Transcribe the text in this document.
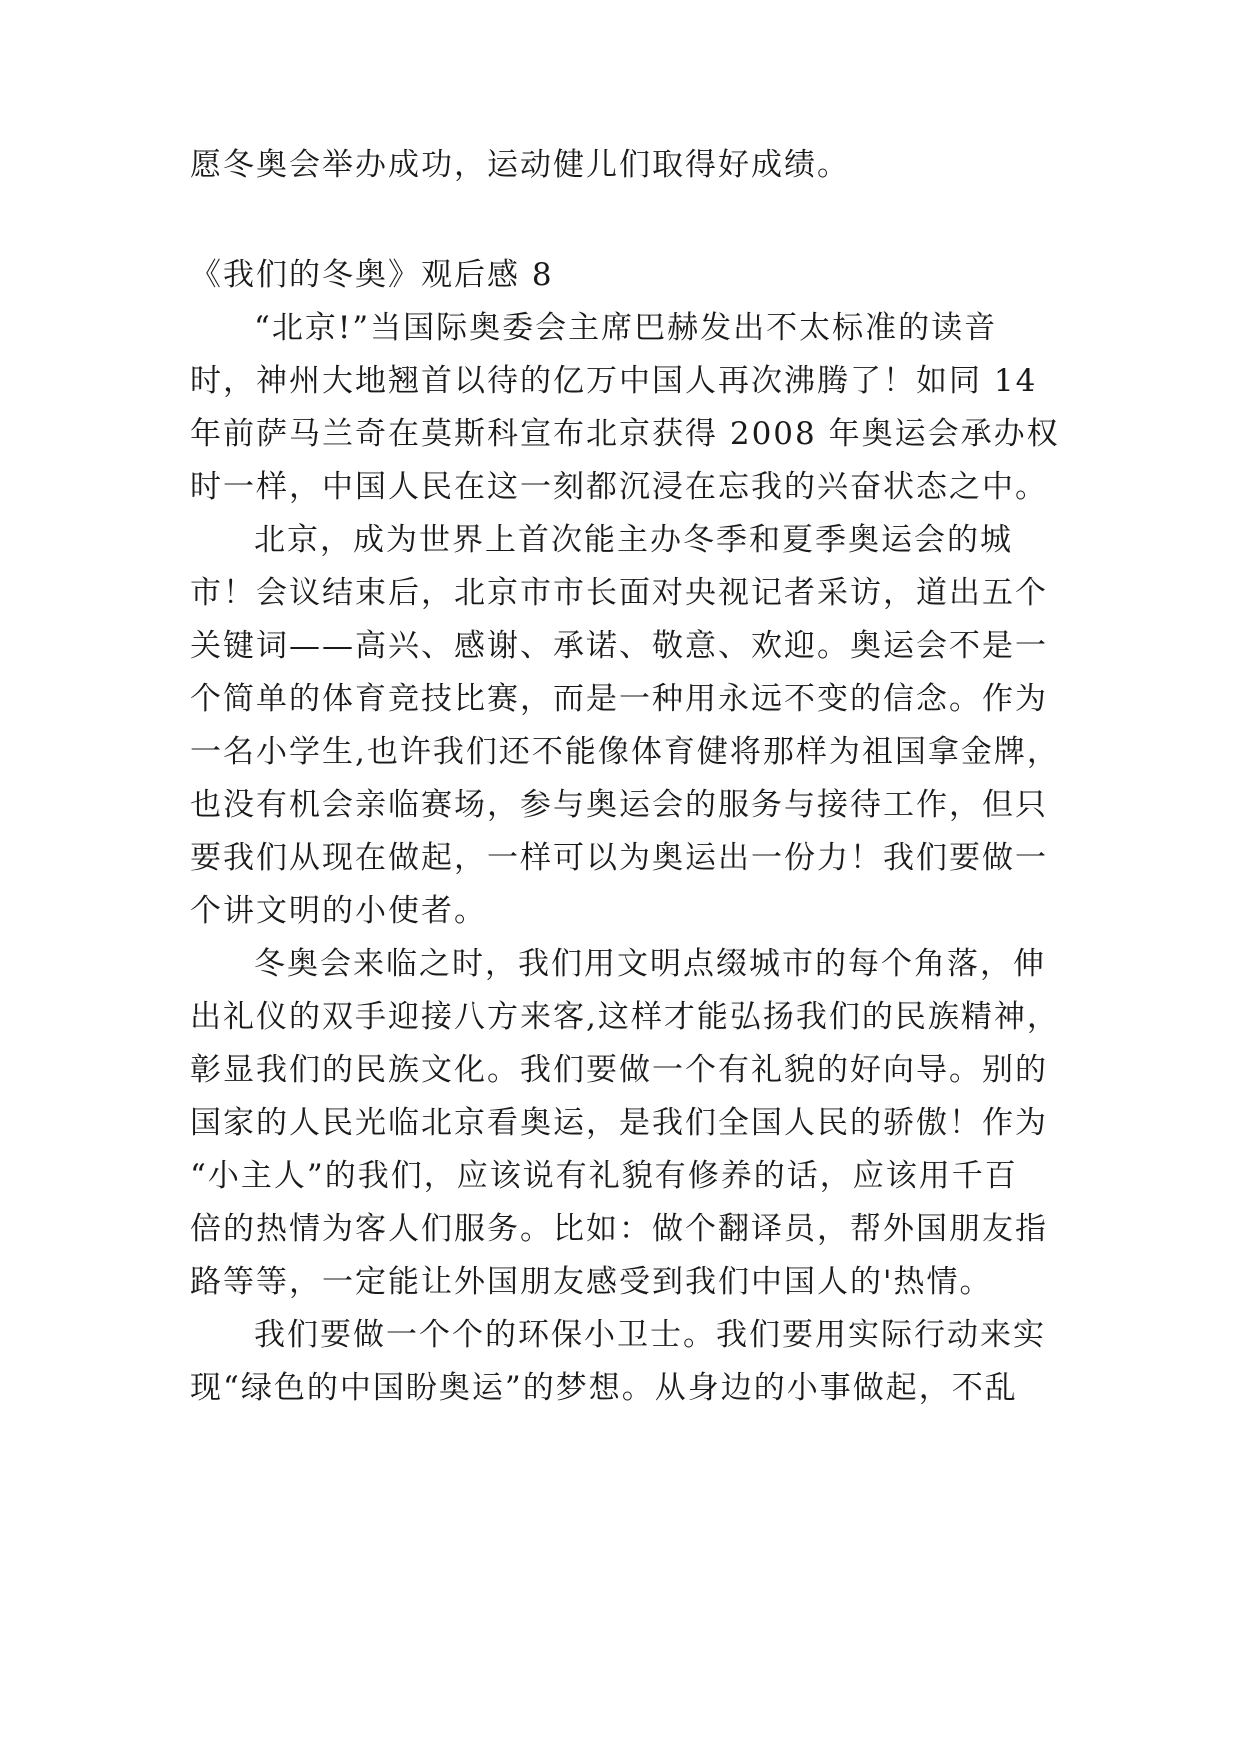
愿冬奥会举办成功，运动健儿们取得好成绩。
《我们的冬奥》观后感 8
“北京!”当国际奥委会主席巴赫发出不太标准的读音
时，神州大地翘首以待的亿万中国人再次沸腾了！如同 14
年前萨马兰奇在莫斯科宣布北京获得 2008 年奥运会承办权
时一样，中国人民在这一刻都沉浸在忘我的兴奋状态之中。
北京，成为世界上首次能主办冬季和夏季奥运会的城
市！会议结束后，北京市市长面对央视记者采访，道出五个
关键词——高兴、感谢、承诺、敬意、欢迎。奥运会不是一
个简单的体育竞技比赛，而是一种用永远不变的信念。作为
一名小学生,也许我们还不能像体育健将那样为祖国拿金牌，
也没有机会亲临赛场，参与奥运会的服务与接待工作，但只
要我们从现在做起，一样可以为奥运出一份力！我们要做一
个讲文明的小使者。
冬奥会来临之时，我们用文明点缀城市的每个角落，伸
出礼仪的双手迎接八方来客,这样才能弘扬我们的民族精神，
彰显我们的民族文化。我们要做一个有礼貌的好向导。别的
国家的人民光临北京看奥运，是我们全国人民的骄傲！作为
“小主人”的我们，应该说有礼貌有修养的话，应该用千百
倍的热情为客人们服务。比如：做个翻译员，帮外国朋友指
路等等，一定能让外国朋友感受到我们中国人的'热情。
我们要做一个个的环保小卫士。我们要用实际行动来实
现“绿色的中国盼奥运”的梦想。从身边的小事做起，不乱
